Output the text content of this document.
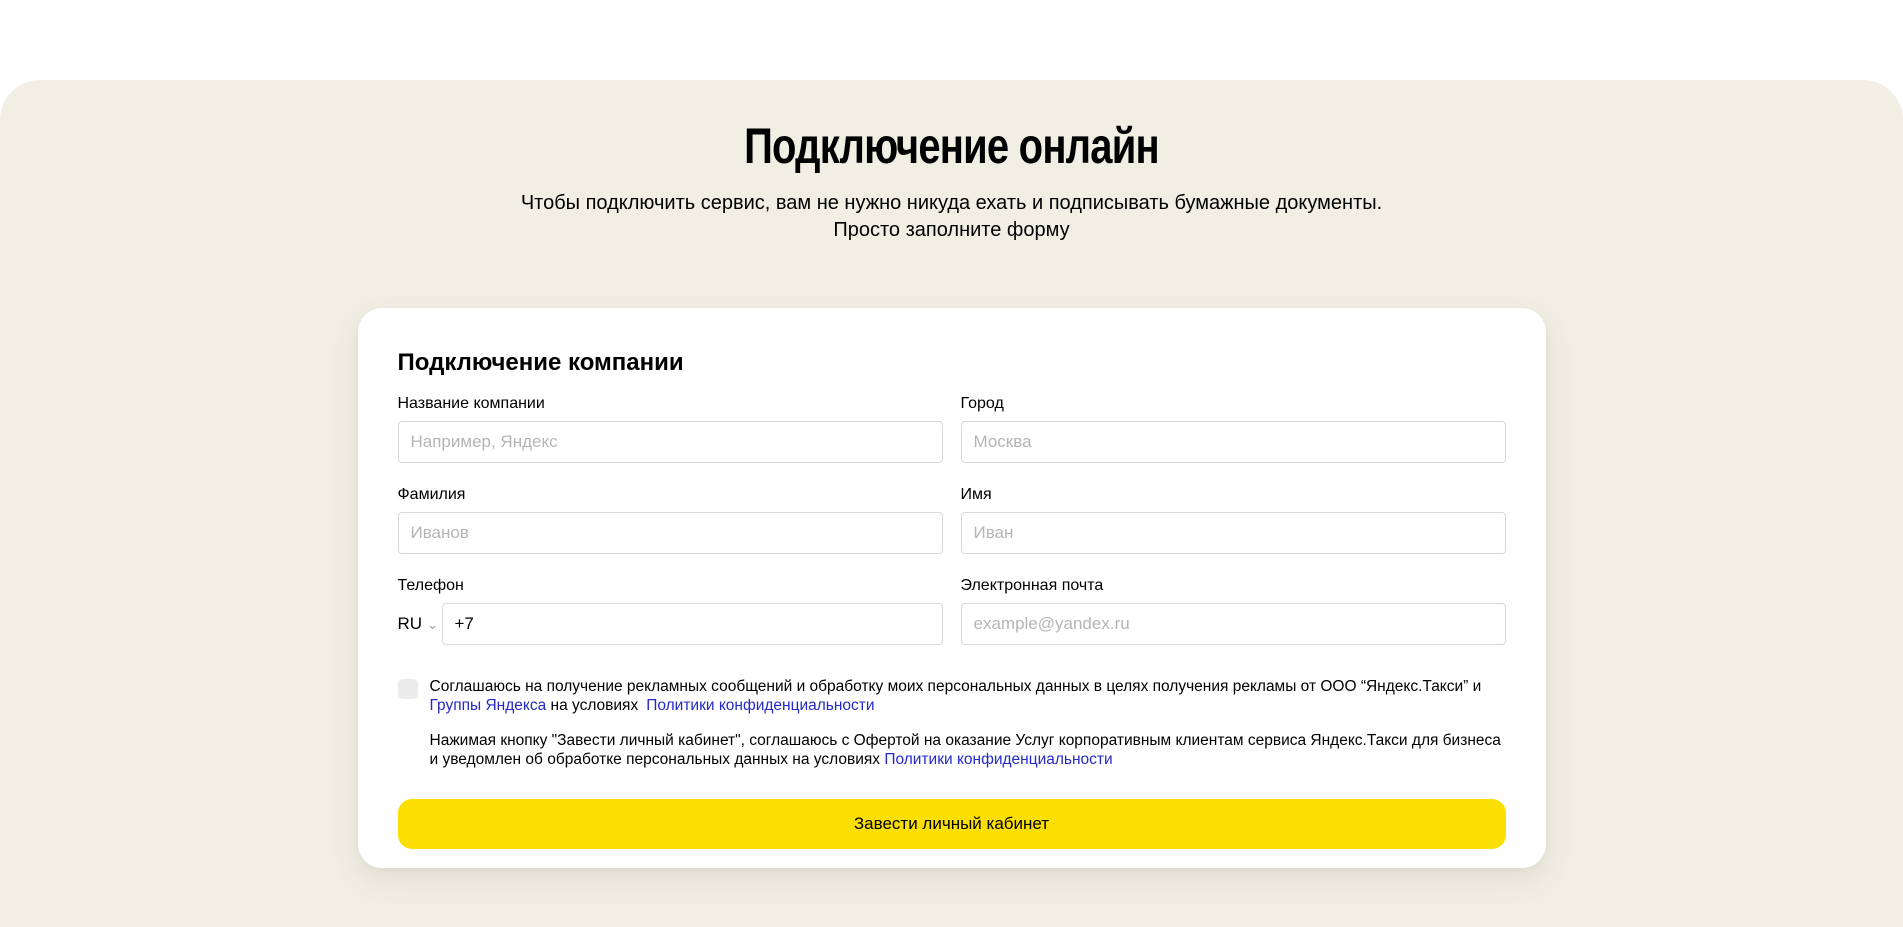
Подключение онлайн
Чтобы подключить сервис, вам не нужно никуда ехать и подписывать бумажные документы.
Просто заполните форму
Подключение компании
Название компании
Например, Яндекс	Город
Москва
Фамилия
Иванов	Имя
Иван
Телефон
RU ⌄
+7
Электронная почта
example@yandex.ru
Соглашаюсь на получение рекламных сообщений и обработку моих персональных данных в целях получения рекламы от ООО “Яндекс.Такси” и Группы Яндекса на условиях Политики конфиденциальности
Нажимая кнопку "Завести личный кабинет", соглашаюсь с Офертой на оказание Услуг корпоративным клиентам сервиса Яндекс.Такси для бизнеса и уведомлен об обработке персональных данных на условиях Политики конфиденциальности
Завести личный кабинет
